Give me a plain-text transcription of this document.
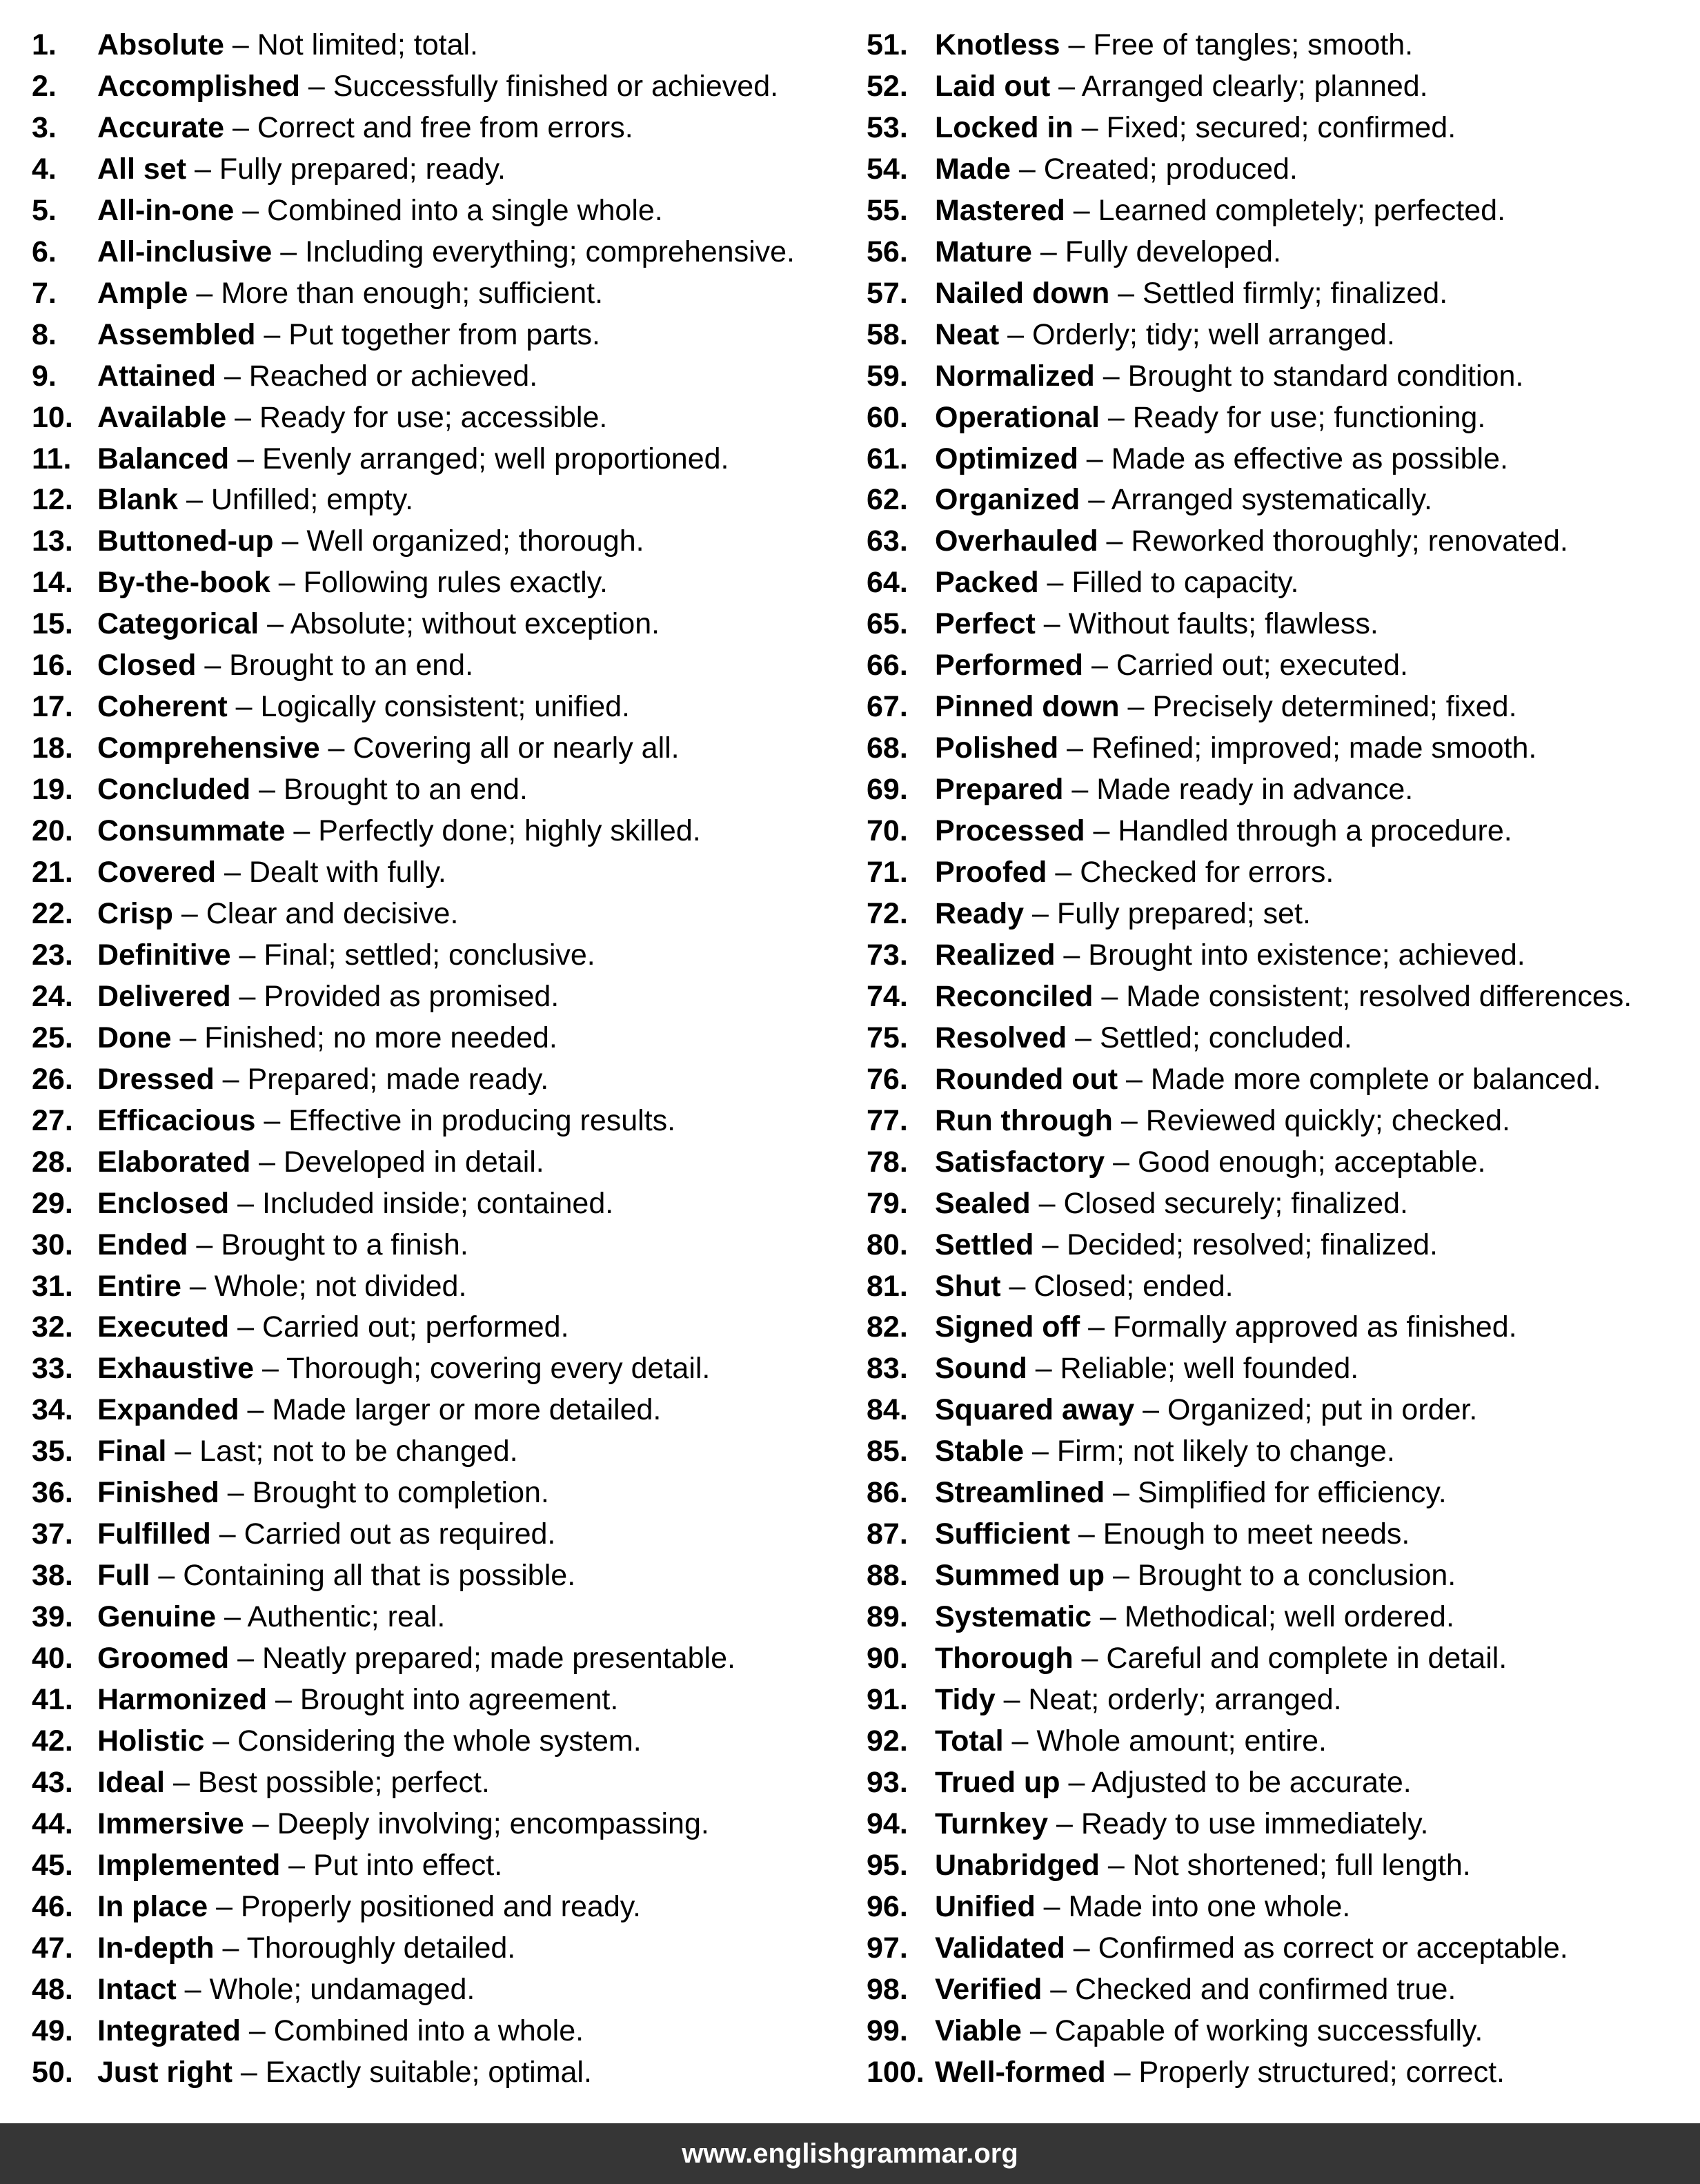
1. Absolute – Not limited; total.
2. Accomplished – Successfully finished or achieved.
3. Accurate – Correct and free from errors.
4. All set – Fully prepared; ready.
5. All-in-one – Combined into a single whole.
6. All-inclusive – Including everything; comprehensive.
7. Ample – More than enough; sufficient.
8. Assembled – Put together from parts.
9. Attained – Reached or achieved.
10. Available – Ready for use; accessible.
11. Balanced – Evenly arranged; well proportioned.
12. Blank – Unfilled; empty.
13. Buttoned-up – Well organized; thorough.
14. By-the-book – Following rules exactly.
15. Categorical – Absolute; without exception.
16. Closed – Brought to an end.
17. Coherent – Logically consistent; unified.
18. Comprehensive – Covering all or nearly all.
19. Concluded – Brought to an end.
20. Consummate – Perfectly done; highly skilled.
21. Covered – Dealt with fully.
22. Crisp – Clear and decisive.
23. Definitive – Final; settled; conclusive.
24. Delivered – Provided as promised.
25. Done – Finished; no more needed.
26. Dressed – Prepared; made ready.
27. Efficacious – Effective in producing results.
28. Elaborated – Developed in detail.
29. Enclosed – Included inside; contained.
30. Ended – Brought to a finish.
31. Entire – Whole; not divided.
32. Executed – Carried out; performed.
33. Exhaustive – Thorough; covering every detail.
34. Expanded – Made larger or more detailed.
35. Final – Last; not to be changed.
36. Finished – Brought to completion.
37. Fulfilled – Carried out as required.
38. Full – Containing all that is possible.
39. Genuine – Authentic; real.
40. Groomed – Neatly prepared; made presentable.
41. Harmonized – Brought into agreement.
42. Holistic – Considering the whole system.
43. Ideal – Best possible; perfect.
44. Immersive – Deeply involving; encompassing.
45. Implemented – Put into effect.
46. In place – Properly positioned and ready.
47. In-depth – Thoroughly detailed.
48. Intact – Whole; undamaged.
49. Integrated – Combined into a whole.
50. Just right – Exactly suitable; optimal.
51. Knotless – Free of tangles; smooth.
52. Laid out – Arranged clearly; planned.
53. Locked in – Fixed; secured; confirmed.
54. Made – Created; produced.
55. Mastered – Learned completely; perfected.
56. Mature – Fully developed.
57. Nailed down – Settled firmly; finalized.
58. Neat – Orderly; tidy; well arranged.
59. Normalized – Brought to standard condition.
60. Operational – Ready for use; functioning.
61. Optimized – Made as effective as possible.
62. Organized – Arranged systematically.
63. Overhauled – Reworked thoroughly; renovated.
64. Packed – Filled to capacity.
65. Perfect – Without faults; flawless.
66. Performed – Carried out; executed.
67. Pinned down – Precisely determined; fixed.
68. Polished – Refined; improved; made smooth.
69. Prepared – Made ready in advance.
70. Processed – Handled through a procedure.
71. Proofed – Checked for errors.
72. Ready – Fully prepared; set.
73. Realized – Brought into existence; achieved.
74. Reconciled – Made consistent; resolved differences.
75. Resolved – Settled; concluded.
76. Rounded out – Made more complete or balanced.
77. Run through – Reviewed quickly; checked.
78. Satisfactory – Good enough; acceptable.
79. Sealed – Closed securely; finalized.
80. Settled – Decided; resolved; finalized.
81. Shut – Closed; ended.
82. Signed off – Formally approved as finished.
83. Sound – Reliable; well founded.
84. Squared away – Organized; put in order.
85. Stable – Firm; not likely to change.
86. Streamlined – Simplified for efficiency.
87. Sufficient – Enough to meet needs.
88. Summed up – Brought to a conclusion.
89. Systematic – Methodical; well ordered.
90. Thorough – Careful and complete in detail.
91. Tidy – Neat; orderly; arranged.
92. Total – Whole amount; entire.
93. Trued up – Adjusted to be accurate.
94. Turnkey – Ready to use immediately.
95. Unabridged – Not shortened; full length.
96. Unified – Made into one whole.
97. Validated – Confirmed as correct or acceptable.
98. Verified – Checked and confirmed true.
99. Viable – Capable of working successfully.
100. Well-formed – Properly structured; correct.
www.englishgrammar.org
